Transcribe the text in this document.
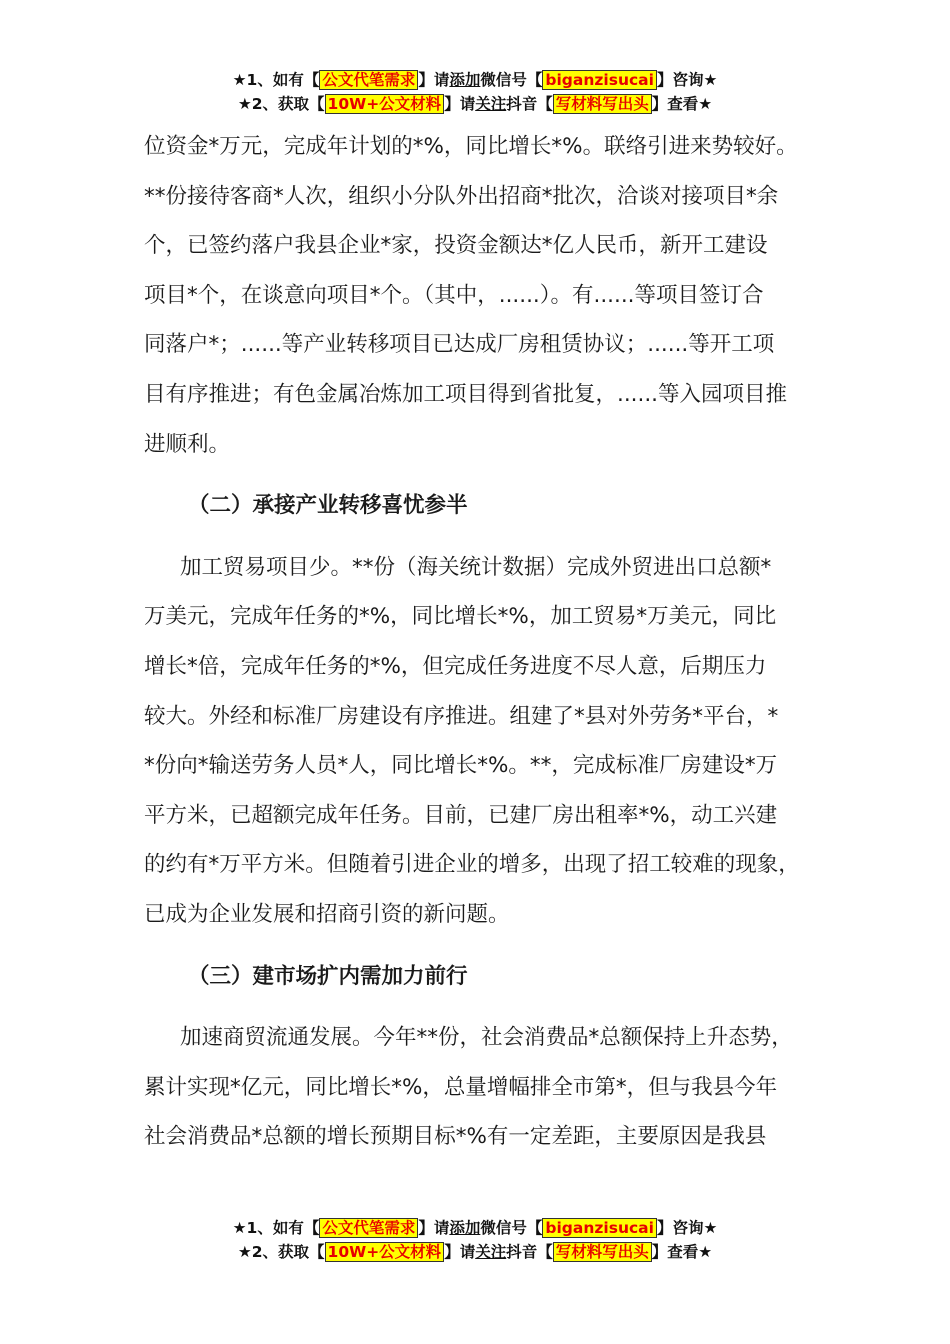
★1、如有【 公文代笔需求 】请添加微信号【 biganzisucai 】咨询★
★2、获取【 10W+公文材料 】请关注抖音【 写材料写出头 】查看★

位资金*万元，完成年计划的*%，同比增长*%。联络引进来势较好。

**份接待客商*人次，组织小分队外出招商*批次，洽谈对接项目*余

个，已签约落户我县企业*家，投资金额达*亿人民币，新开工建设

项目*个，在谈意向项目*个。（其中，......）。有......等项目签订合

同落户*；......等产业转移项目已达成厂房租赁协议；......等开工项

目有序推进；有色金属冶炼加工项目得到省批复，......等入园项目推

进顺利。

（二）承接产业转移喜忧参半

加工贸易项目少。**份（海关统计数据）完成外贸进出口总额*

万美元，完成年任务的*%，同比增长*%，加工贸易*万美元，同比

增长*倍，完成年任务的*%，但完成任务进度不尽人意，后期压力

较大。外经和标准厂房建设有序推进。组建了*县对外劳务*平台，*

*份向*输送劳务人员*人，同比增长*%。**，完成标准厂房建设*万

平方米，已超额完成年任务。目前，已建厂房出租率*%，动工兴建

的约有*万平方米。但随着引进企业的增多，出现了招工较难的现象，

已成为企业发展和招商引资的新问题。

（三）建市场扩内需加力前行

加速商贸流通发展。今年**份，社会消费品*总额保持上升态势，

累计实现*亿元，同比增长*%，总量增幅排全市第*，但与我县今年

社会消费品*总额的增长预期目标*%有一定差距，主要原因是我县

★1、如有【 公文代笔需求 】请添加微信号【 biganzisucai 】咨询★
★2、获取【 10W+公文材料 】请关注抖音【 写材料写出头 】查看★
